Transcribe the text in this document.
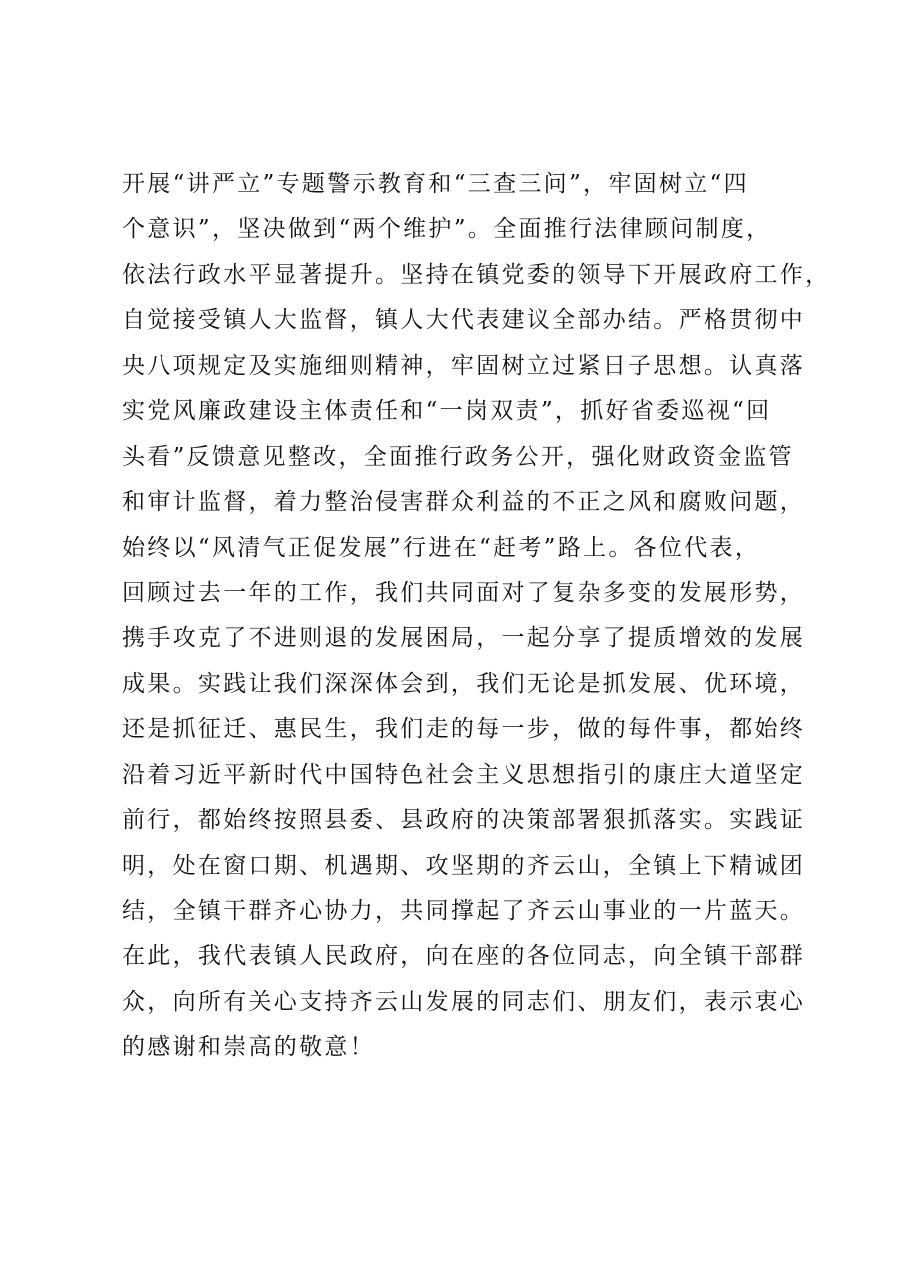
开展“讲严立”专题警示教育和“三查三问”，牢固树立“四
个意识”，坚决做到“两个维护”。全面推行法律顾问制度，
依法行政水平显著提升。坚持在镇党委的领导下开展政府工作，
自觉接受镇人大监督，镇人大代表建议全部办结。严格贯彻中
央八项规定及实施细则精神，牢固树立过紧日子思想。认真落
实党风廉政建设主体责任和“一岗双责”，抓好省委巡视“回
头看”反馈意见整改，全面推行政务公开，强化财政资金监管
和审计监督，着力整治侵害群众利益的不正之风和腐败问题，
始终以“风清气正促发展”行进在“赶考”路上。各位代表，
回顾过去一年的工作，我们共同面对了复杂多变的发展形势，
携手攻克了不进则退的发展困局，一起分享了提质增效的发展
成果。实践让我们深深体会到，我们无论是抓发展、优环境，
还是抓征迁、惠民生，我们走的每一步，做的每件事，都始终
沿着习近平新时代中国特色社会主义思想指引的康庄大道坚定
前行，都始终按照县委、县政府的决策部署狠抓落实。实践证
明，处在窗口期、机遇期、攻坚期的齐云山，全镇上下精诚团
结，全镇干群齐心协力，共同撑起了齐云山事业的一片蓝天。
在此，我代表镇人民政府，向在座的各位同志，向全镇干部群
众，向所有关心支持齐云山发展的同志们、朋友们，表示衷心
的感谢和崇高的敬意！
